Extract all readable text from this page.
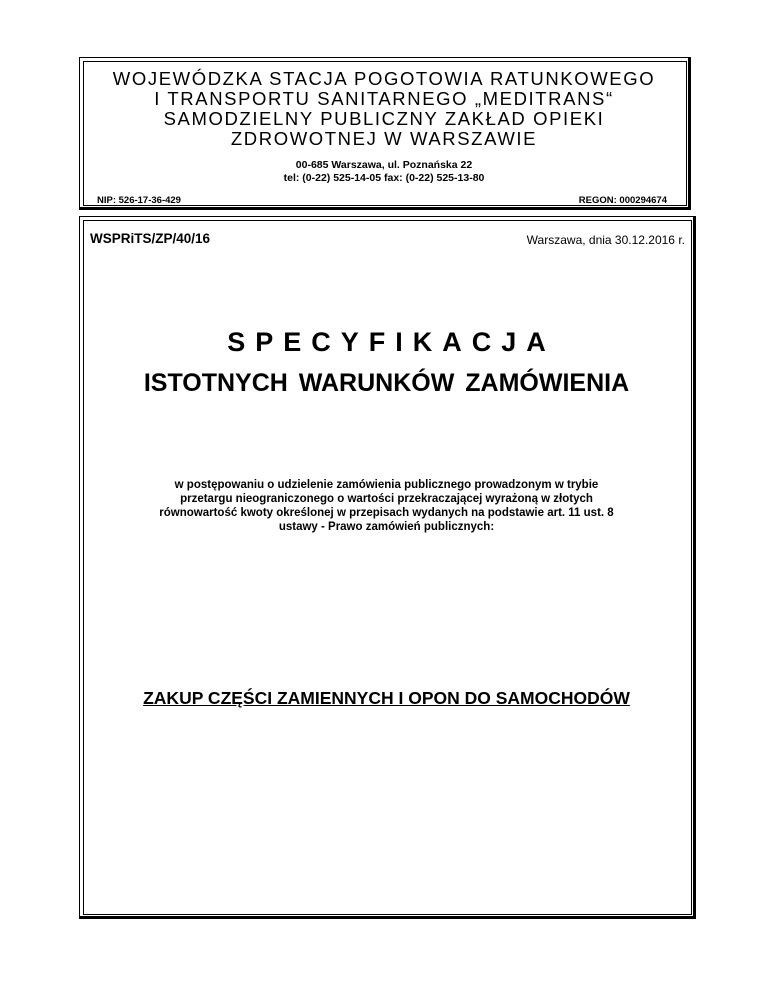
WOJEWÓDZKA STACJA POGOTOWIA RATUNKOWEGO
I TRANSPORTU SANITARNEGO „MEDITRANS“
SAMODZIELNY PUBLICZNY ZAKŁAD OPIEKI
ZDROWOTNEJ W WARSZAWIE
00-685 Warszawa, ul. Poznańska 22
tel: (0-22) 525-14-05 fax: (0-22) 525-13-80
NIP: 526-17-36-429	REGON: 000294674
WSPRiTS/ZP/40/16	Warszawa, dnia 30.12.2016 r.
SPECYFIKACJA
ISTOTNYCH WARUNKÓW ZAMÓWIENIA
w postępowaniu o udzielenie zamówienia publicznego prowadzonym w trybie
przetargu nieograniczonego o wartości przekraczającej wyrażoną w złotych
równowartość kwoty określonej w przepisach wydanych na podstawie art. 11 ust. 8
ustawy - Prawo zamówień publicznych:
ZAKUP CZĘŚCI ZAMIENNYCH I OPON DO SAMOCHODÓW
